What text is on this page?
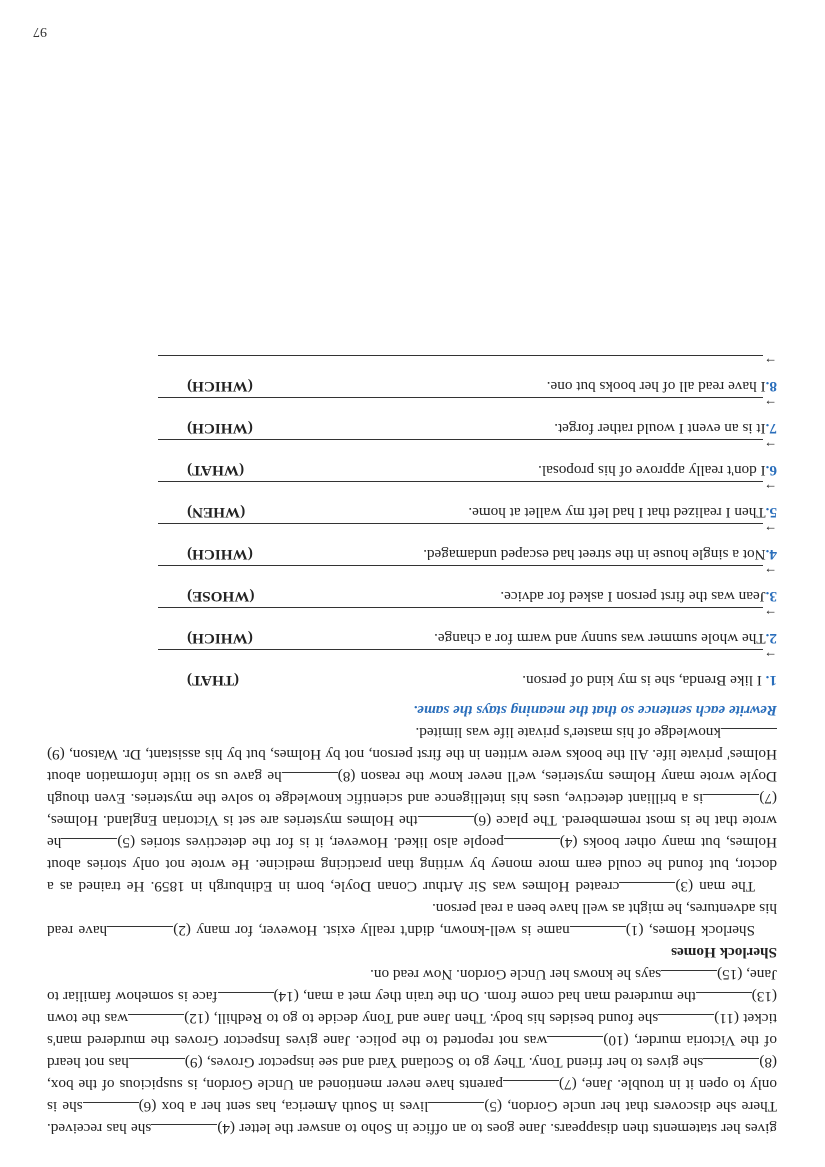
97

gives her statements then disappears. Jane goes to an office in Soho to answer the letter (4)she has received. There she discovers that her uncle Gordon, (5)lives in South America, has sent her a box (6)she is only to open it in trouble. Jane, (7)parents have never mentioned an Uncle Gordon, is suspicious of the box, (8)she gives to her friend Tony. They go to Scotland Yard and see inspector Groves, (9)has not heard of the Victoria murder, (10)was not reported to the police. Jane gives Inspector Groves the murdered man's ticket (11)she found besides his body. Then Jane and Tony decide to go to Redhill, (12)was the town (13)the murdered man had come from. On the train they met a man, (14)face is somehow familiar to Jane, (15)says he knows her Uncle Gordon. Now read on.

Sherlock Homes

Sherlock Homes, (1)name is well-known, didn't really exist. However, for many (2)have read his adventures, he might as well have been a real person.
The man (3)created Holmes was Sir Arthur Conan Doyle, born in Edinburgh in 1859. He trained as a doctor, but found he could earn more money by writing than practicing medicine. He wrote not only stories about Holmes, but many other books (4)people also liked. However, it is for the detectives stories (5)he wrote that he is most remembered. The place (6)the Holmes mysteries are set is Victorian England. Holmes, (7)is a brilliant detective, uses his intelligence and scientific knowledge to solve the mysteries. Even though Doyle wrote many Holmes mysteries, we'll never know the reason (8)he gave us so little information about Holmes' private life. All the books were written in the first person, not by Holmes, but by his assistant, Dr. Watson, (9)knowledge of his master's private life was limited.

Rewrite each sentence so that the meaning stays the same.

1. I like Brenda, she is my kind of person.
(THAT)
→
2.The whole summer was sunny and warm for a change.
(WHICH)
→
3.Jean was the first person I asked for advice.
(WHOSE)
→
4.Not a single house in the street had escaped undamaged.
(WHICH)
→
5.Then I realized that I had left my wallet at home.
(WHEN)
→
6.I don't really approve of his proposal.
(WHAT)
→
7.It is an event I would rather forget.
(WHICH)
→
8.I have read all of her books but one.
(WHICH)
→
